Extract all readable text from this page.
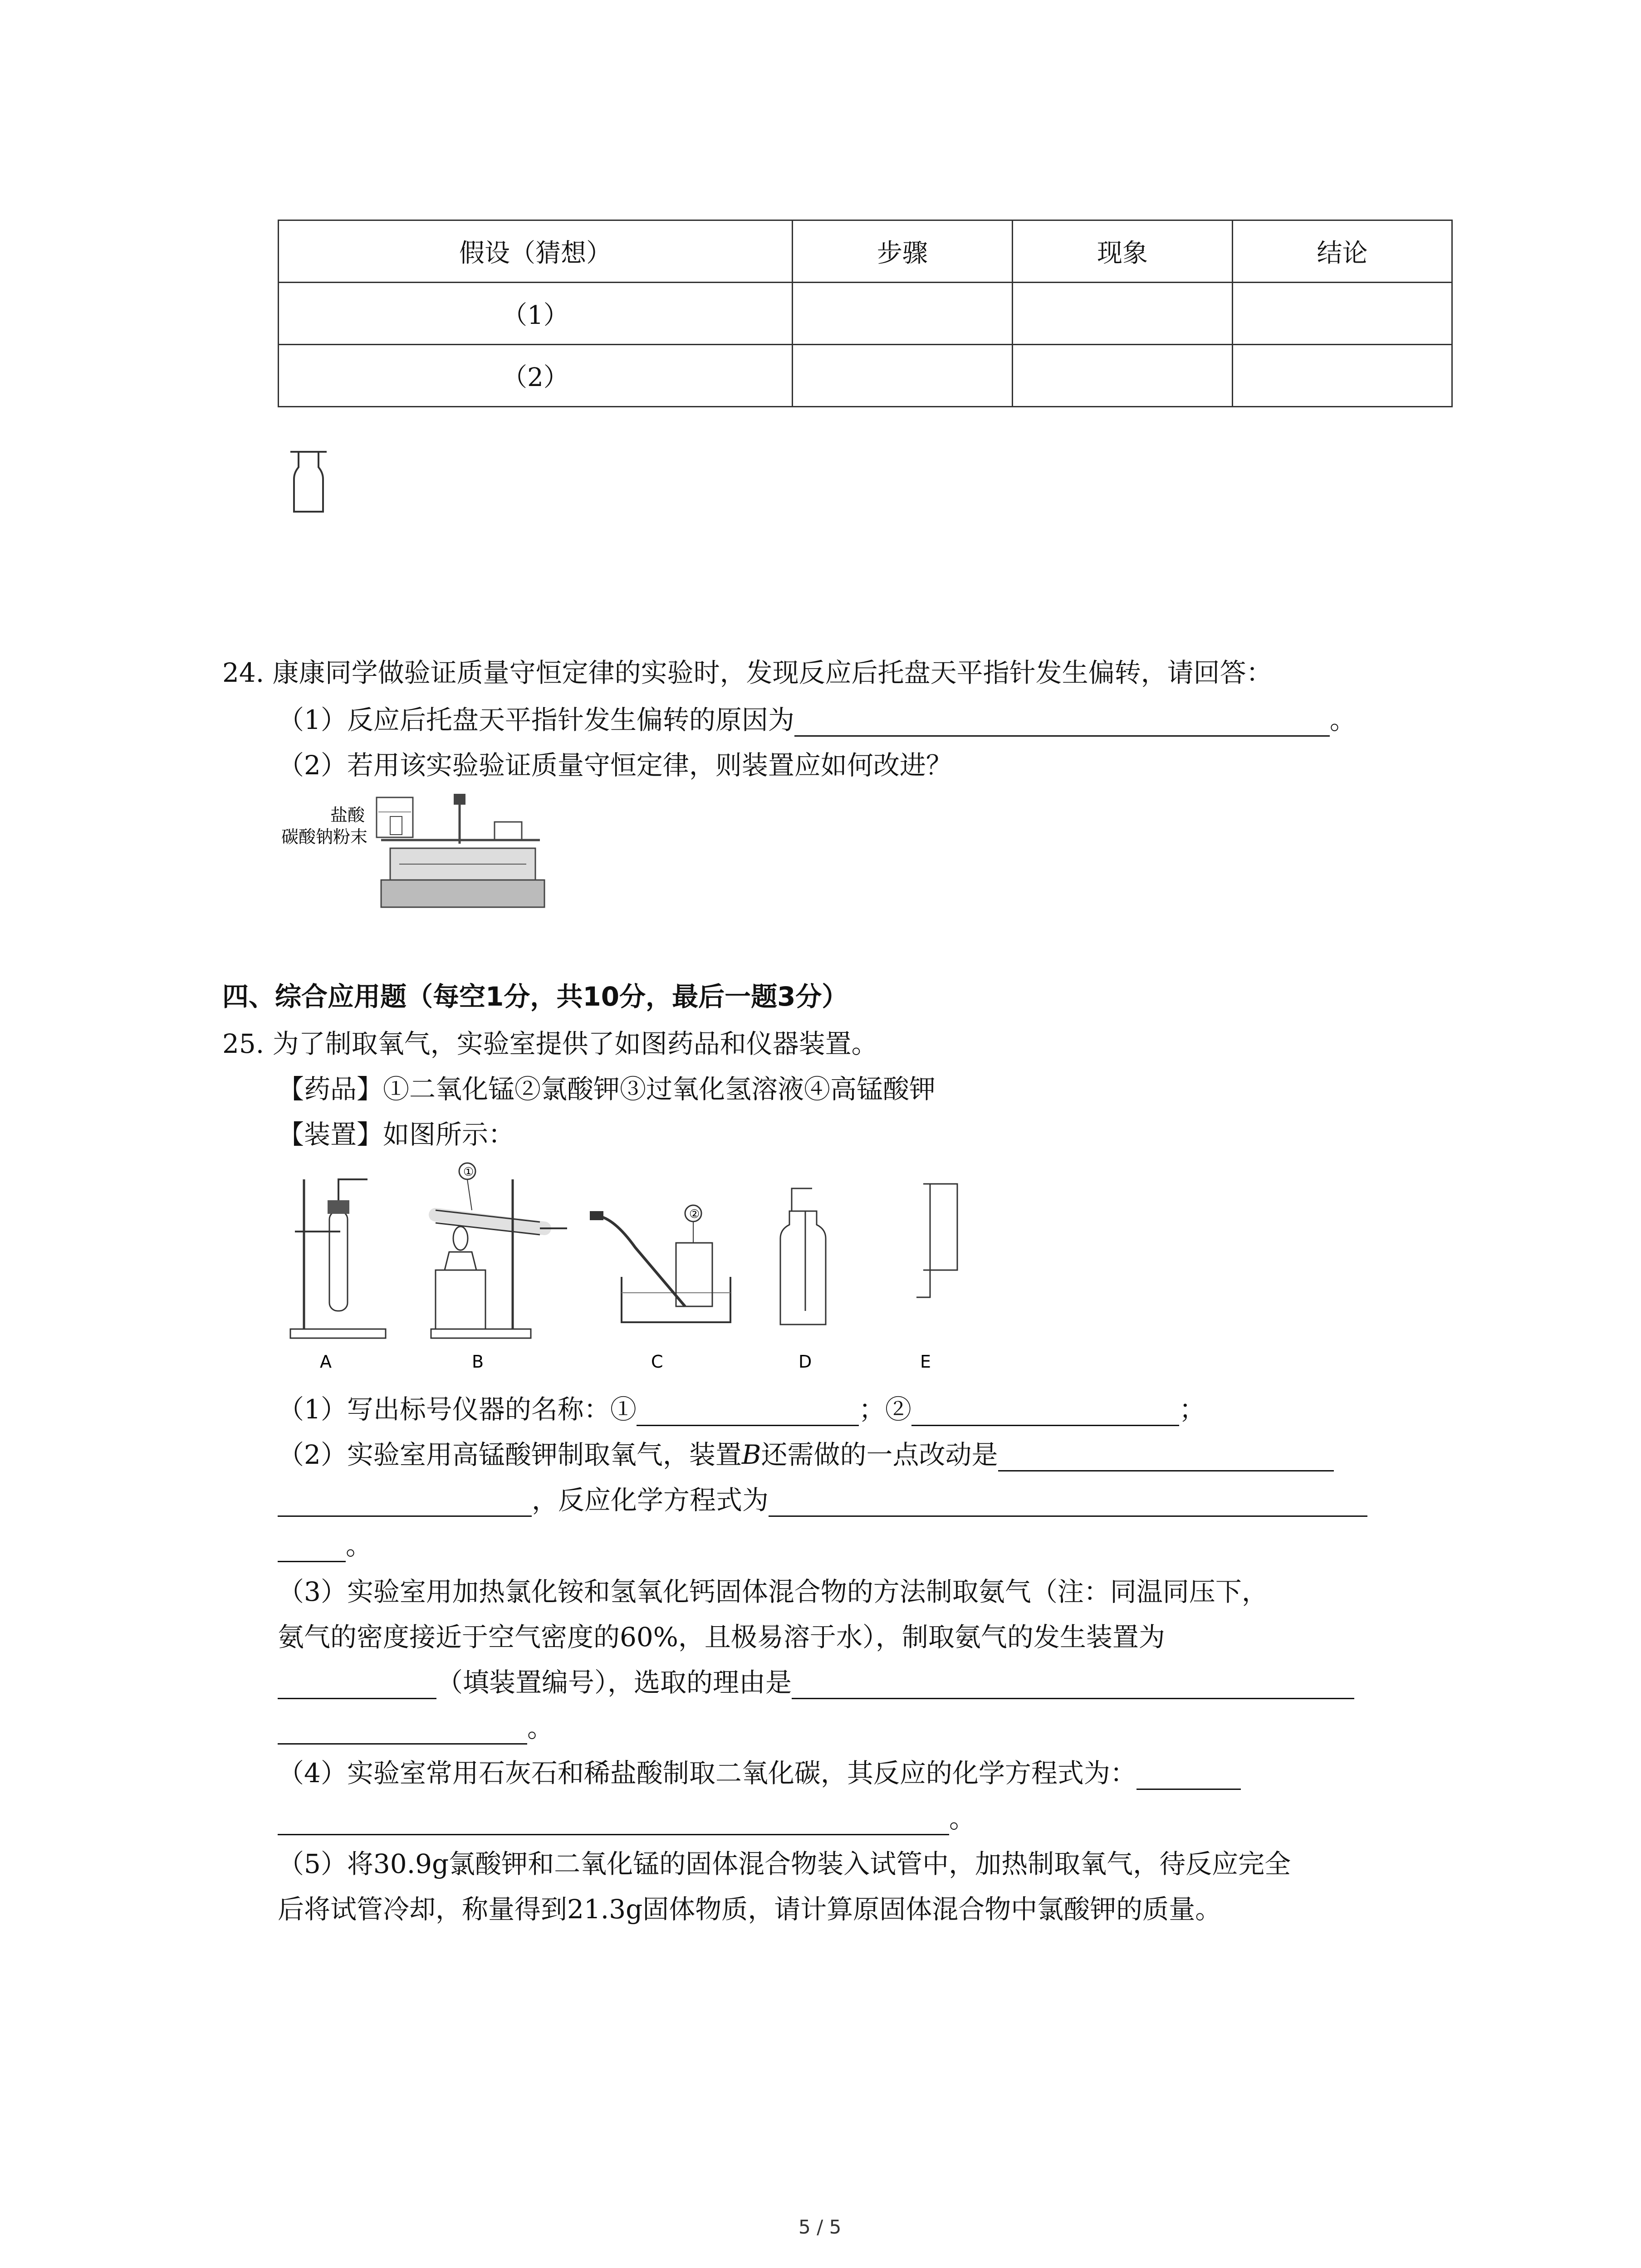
假设（猜想）	步骤	现象	结论
（1）			
（2）			
24. 康康同学做验证质量守恒定律的实验时，发现反应后托盘天平指针发生偏转，请回答：
（1）反应后托盘天平指针发生偏转的原因为	。
（2）若用该实验验证质量守恒定律，则装置应如何改进？
盐酸
碳酸钠粉末
四、综合应用题（每空1分，共10分，最后一题3分）
25. 为了制取氧气，实验室提供了如图药品和仪器装置。
【药品】①二氧化锰②氯酸钾③过氧化氢溶液④高锰酸钾
【装置】如图所示：
①
②
A	B	C	D	E
（1）写出标号仪器的名称：①	；②	；
（2）实验室用高锰酸钾制取氧气，装置B还需做的一点改动是
，反应化学方程式为
。
（3）实验室用加热氯化铵和氢氧化钙固体混合物的方法制取氨气（注：同温同压下，
氨气的密度接近于空气密度的60%，且极易溶于水），制取氨气的发生装置为
（填装置编号），选取的理由是
。
（4）实验室常用石灰石和稀盐酸制取二氧化碳，其反应的化学方程式为：
。
（5）将30.9g氯酸钾和二氧化锰的固体混合物装入试管中，加热制取氧气，待反应完全
后将试管冷却，称量得到21.3g固体物质，请计算原固体混合物中氯酸钾的质量。
5 / 5
